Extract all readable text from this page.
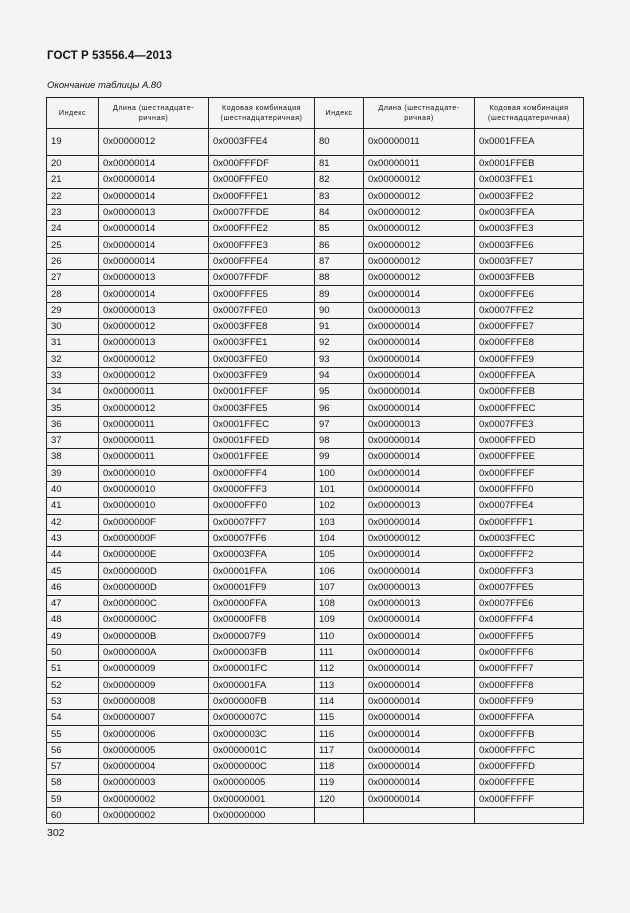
ГОСТ Р 53556.4—2013
Окончание таблицы А.80
Индекс	Длина (шестнадцате-ричная)	Кодовая комбинация (шестнадцатеричная)	Индекс	Длина (шестнадцате-ричная)	Кодовая комбинация (шестнадцатеричная)
19	0x00000012	0x0003FFE4	80	0x00000011	0x0001FFEA
20	0x00000014	0x000FFFDF	81	0x00000011	0x0001FFEB
21	0x00000014	0x000FFFE0	82	0x00000012	0x0003FFE1
22	0x00000014	0x000FFFE1	83	0x00000012	0x0003FFE2
23	0x00000013	0x0007FFDE	84	0x00000012	0x0003FFEA
24	0x00000014	0x000FFFE2	85	0x00000012	0x0003FFE3
25	0x00000014	0x000FFFE3	86	0x00000012	0x0003FFE6
26	0x00000014	0x000FFFE4	87	0x00000012	0x0003FFE7
27	0x00000013	0x0007FFDF	88	0x00000012	0x0003FFEB
28	0x00000014	0x000FFFE5	89	0x00000014	0x000FFFE6
29	0x00000013	0x0007FFE0	90	0x00000013	0x0007FFE2
30	0x00000012	0x0003FFE8	91	0x00000014	0x000FFFE7
31	0x00000013	0x0003FFE1	92	0x00000014	0x000FFFE8
32	0x00000012	0x0003FFE0	93	0x00000014	0x000FFFE9
33	0x00000012	0x0003FFE9	94	0x00000014	0x000FFFEA
34	0x00000011	0x0001FFEF	95	0x00000014	0x000FFFEB
35	0x00000012	0x0003FFE5	96	0x00000014	0x000FFFEC
36	0x00000011	0x0001FFEC	97	0x00000013	0x0007FFE3
37	0x00000011	0x0001FFED	98	0x00000014	0x000FFFED
38	0x00000011	0x0001FFEE	99	0x00000014	0x000FFFEE
39	0x00000010	0x0000FFF4	100	0x00000014	0x000FFFEF
40	0x00000010	0x0000FFF3	101	0x00000014	0x000FFFF0
41	0x00000010	0x0000FFF0	102	0x00000013	0x0007FFE4
42	0x0000000F	0x00007FF7	103	0x00000014	0x000FFFF1
43	0x0000000F	0x00007FF6	104	0x00000012	0x0003FFEC
44	0x0000000E	0x00003FFA	105	0x00000014	0x000FFFF2
45	0x0000000D	0x00001FFA	106	0x00000014	0x000FFFF3
46	0x0000000D	0x00001FF9	107	0x00000013	0x0007FFE5
47	0x0000000C	0x00000FFA	108	0x00000013	0x0007FFE6
48	0x0000000C	0x00000FF8	109	0x00000014	0x000FFFF4
49	0x0000000B	0x000007F9	110	0x00000014	0x000FFFF5
50	0x0000000A	0x000003FB	111	0x00000014	0x000FFFF6
51	0x00000009	0x000001FC	112	0x00000014	0x000FFFF7
52	0x00000009	0x000001FA	113	0x00000014	0x000FFFF8
53	0x00000008	0x000000FB	114	0x00000014	0x000FFFF9
54	0x00000007	0x0000007C	115	0x00000014	0x000FFFFA
55	0x00000006	0x0000003C	116	0x00000014	0x000FFFFB
56	0x00000005	0x0000001C	117	0x00000014	0x000FFFFC
57	0x00000004	0x0000000C	118	0x00000014	0x000FFFFD
58	0x00000003	0x00000005	119	0x00000014	0x000FFFFE
59	0x00000002	0x00000001	120	0x00000014	0x000FFFFF
60	0x00000002	0x00000000			
302
